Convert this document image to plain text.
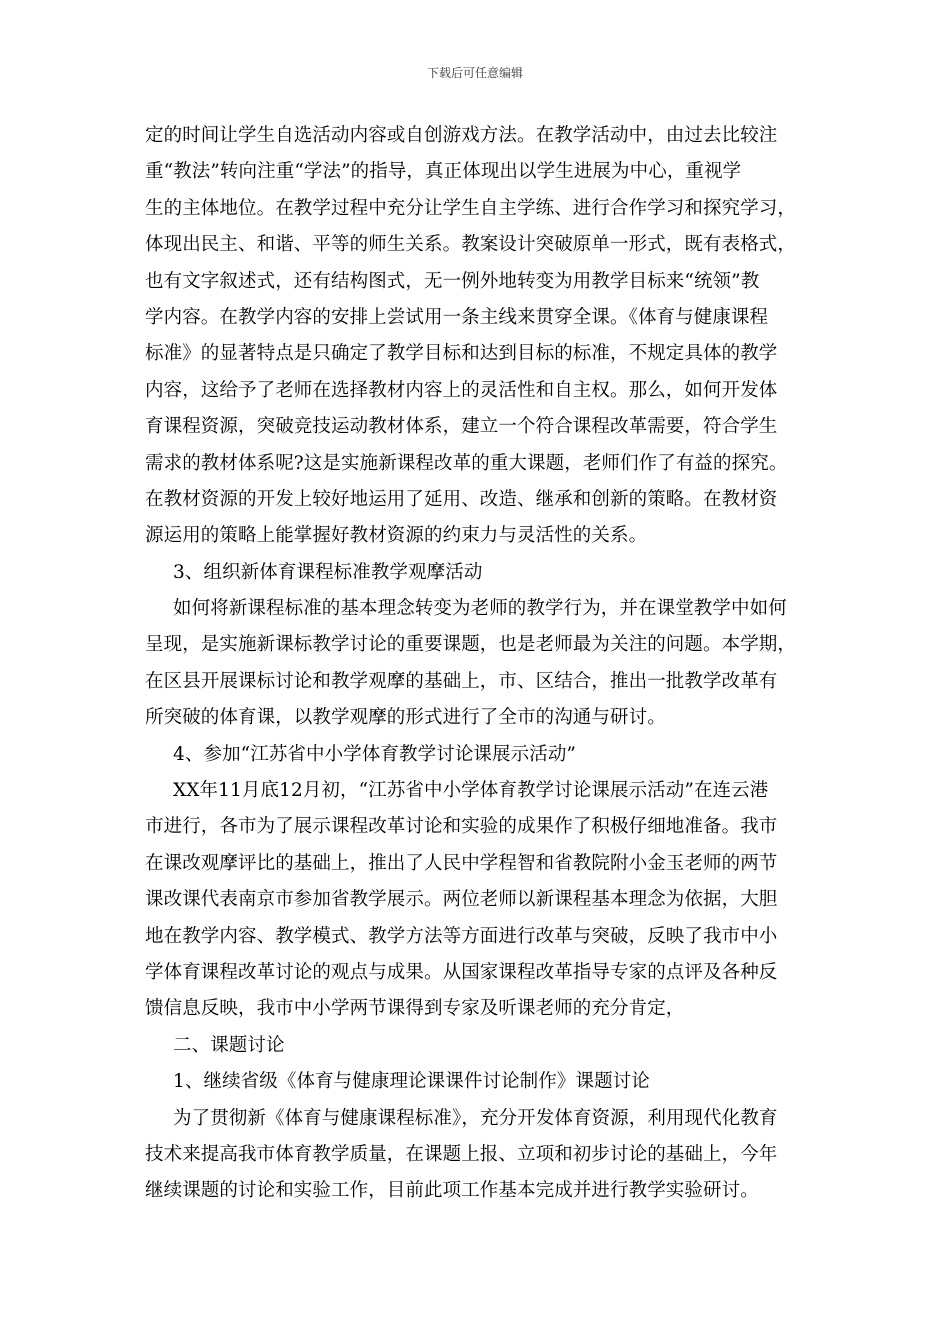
下载后可任意编辑
定的时间让学生自选活动内容或自创游戏方法。在教学活动中，由过去比较注
重“教法”转向注重“学法”的指导，真正体现出以学生进展为中心，重视学
生的主体地位。在教学过程中充分让学生自主学练、进行合作学习和探究学习，
体现出民主、和谐、平等的师生关系。教案设计突破原单一形式，既有表格式，
也有文字叙述式，还有结构图式，无一例外地转变为用教学目标来“统领”教
学内容。在教学内容的安排上尝试用一条主线来贯穿全课。《体育与健康课程
标准》的显著特点是只确定了教学目标和达到目标的标准，不规定具体的教学
内容，这给予了老师在选择教材内容上的灵活性和自主权。那么，如何开发体
育课程资源，突破竞技运动教材体系，建立一个符合课程改革需要，符合学生
需求的教材体系呢?这是实施新课程改革的重大课题，老师们作了有益的探究。
在教材资源的开发上较好地运用了延用、改造、继承和创新的策略。在教材资
源运用的策略上能掌握好教材资源的约束力与灵活性的关系。
3、组织新体育课程标准教学观摩活动
如何将新课程标准的基本理念转变为老师的教学行为，并在课堂教学中如何
呈现，是实施新课标教学讨论的重要课题，也是老师最为关注的问题。本学期，
在区县开展课标讨论和教学观摩的基础上，市、区结合，推出一批教学改革有
所突破的体育课，以教学观摩的形式进行了全市的沟通与研讨。
4、参加“江苏省中小学体育教学讨论课展示活动”
XX年11月底12月初，“江苏省中小学体育教学讨论课展示活动”在连云港
市进行，各市为了展示课程改革讨论和实验的成果作了积极仔细地准备。我市
在课改观摩评比的基础上，推出了人民中学程智和省教院附小金玉老师的两节
课改课代表南京市参加省教学展示。两位老师以新课程基本理念为依据，大胆
地在教学内容、教学模式、教学方法等方面进行改革与突破，反映了我市中小
学体育课程改革讨论的观点与成果。从国家课程改革指导专家的点评及各种反
馈信息反映，我市中小学两节课得到专家及听课老师的充分肯定，
二、课题讨论
1、继续省级《体育与健康理论课课件讨论制作》课题讨论
为了贯彻新《体育与健康课程标准》，充分开发体育资源，利用现代化教育
技术来提高我市体育教学质量，在课题上报、立项和初步讨论的基础上，今年
继续课题的讨论和实验工作，目前此项工作基本完成并进行教学实验研讨。
